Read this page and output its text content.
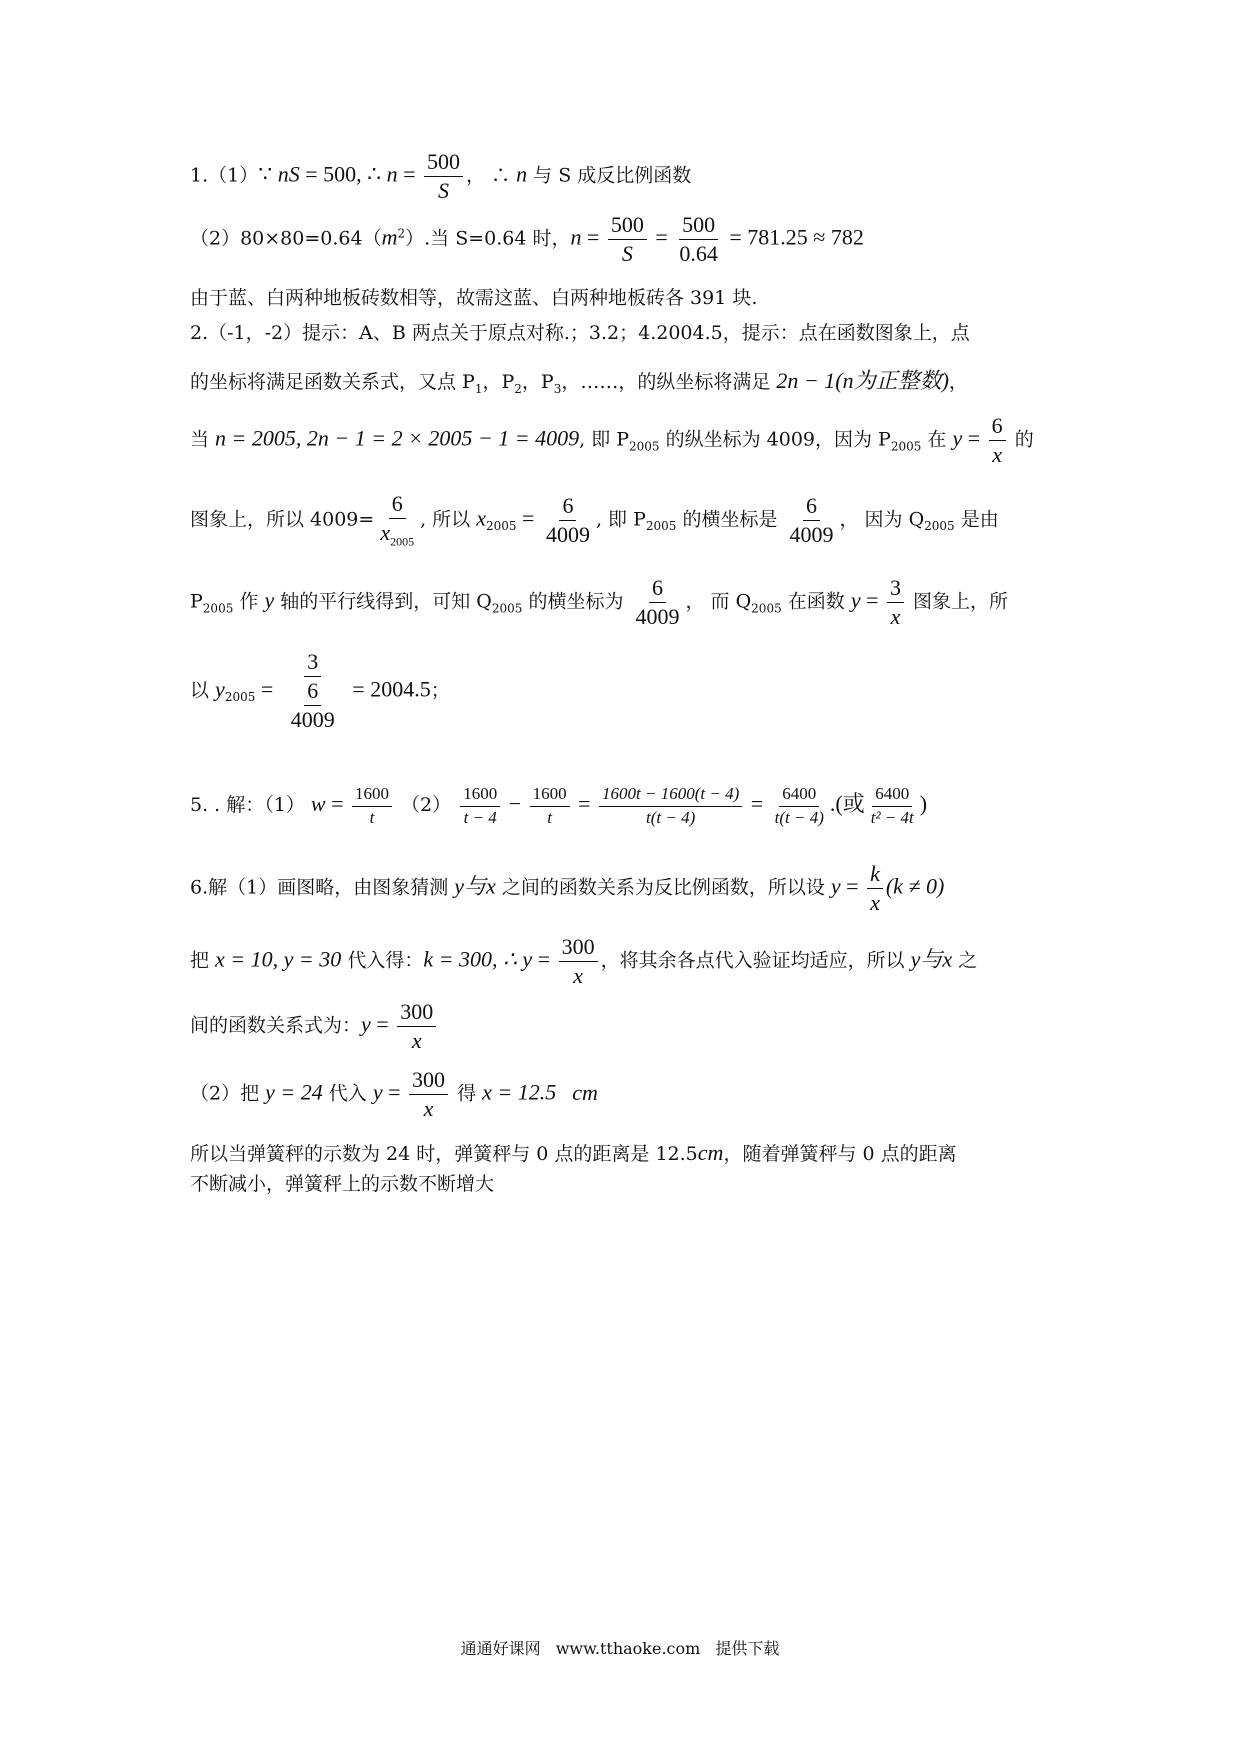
1.（1）∵ nS = 500, ∴ $n = \frac{500}{S}$ ， ∴ n 与 S 成反比例函数
$(2)80\times 80=0.64(m^2)$.当 S=0.64 时，$n = \frac{500}{S} = \frac{500}{0.64} = 781.25 \approx 782$
由于蓝、白两种地板砖数相等，故需这蓝、白两种地板砖各 391 块.
2.（-1，-2）提示：A、B 两点关于原点对称.；3.2；4.2004.5，提示：点在函数图象上，点
的坐标将满足函数关系式，又点 $P_1$，$P_2$，$P_3$，……，的纵坐标将满足 2n − 1(n为正整数)，
当 n = 2005, 2n − 1 = 2 × 2005 − 1 = 4009, 即 $P_{2005}$ 的纵坐标为 4009，因为 $P_{2005}$ 在 $y = \frac{6}{x}$ 的
图象上，所以 $4009= \frac{6}{x_{2005}}$ , 所以 $x_{2005} = \frac{6}{4009}$ , 即 $P_{2005}$ 的横坐标是 $\frac{6}{4009}$ ， 因为 $Q_{2005}$ 是由
$P_{2005}$ 作 y 轴的平行线得到，可知 $Q_{2005}$ 的横坐标为 $\frac{6}{4009}$ ， 而 $Q_{2005}$ 在函数 $y = \frac{3}{x}$ 图象上，所
以 $y_{2005} = \frac{3}{\frac{6}{4009}} = 2004.5$；
5. . 解：（1） $w = \frac{1600}{t} (2) \frac{1600}{t - 4} - \frac{1600}{t} = \frac{1600t - 1600(t - 4)}{t(t - 4)} = \frac{6400}{t(t - 4)}$ .(或 $\frac{6400}{\text{t² − 4t}}$ )
6.解（1）画图略，由图象猜测 y与x 之间的函数关系为反比例函数，所以设 $y = \frac{k}{x} (k \ne 0)$
把 x = 10, y = 30 代入得：k = 300, ∴ $y = \frac{300}{x}$ ，将其余各点代入验证均适应，所以 y与x 之
间的函数关系式为：$y = \frac{300}{x}$
（2）把 y = 24 代入 $y = \frac{300}{x}$ 得 x = 12.5 cm
所以当弹簧秤的示数为 24 时，弹簧秤与 0 点的距离是 12.5cm，随着弹簧秤与 0 点的距离
不断减小，弹簧秤上的示数不断增大
通通好课网 www.tthaoke.com 提供下载
